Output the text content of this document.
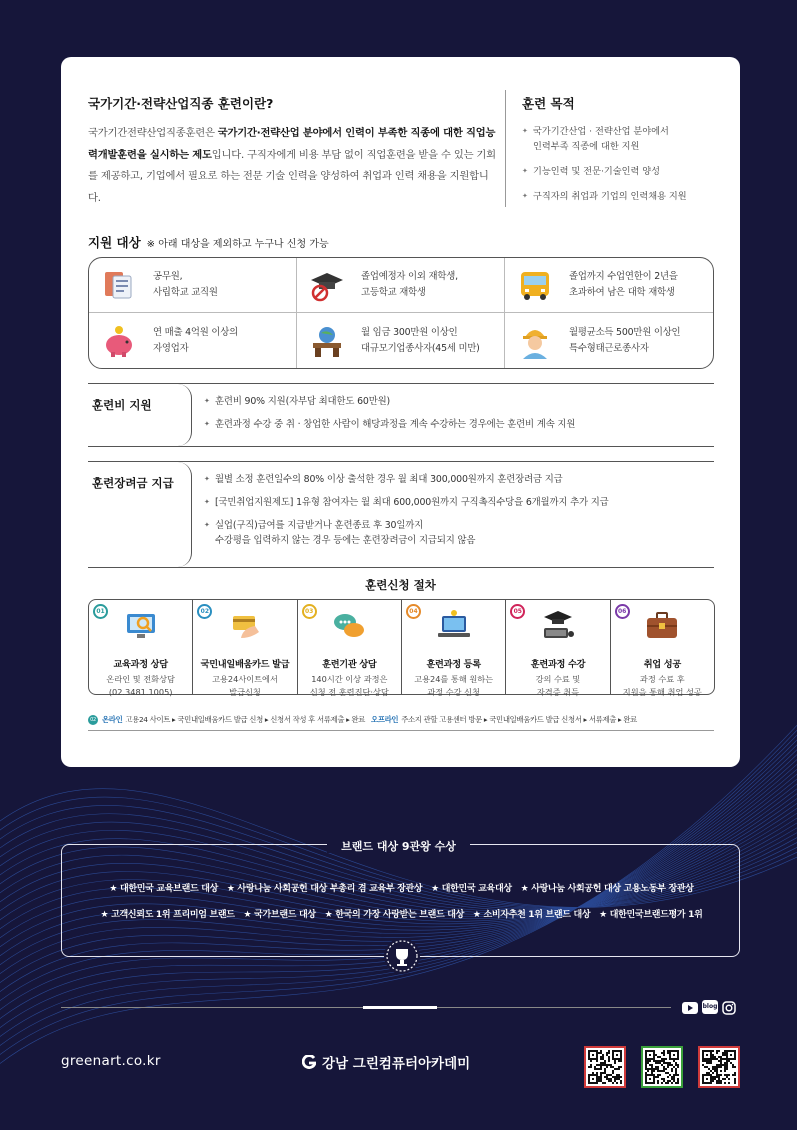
국가기간·전략산업직종 훈련이란?

국가기간전략산업직종훈련은 국가기간·전략산업 분야에서 인력이 부족한 직종에 대한 직업능력개발훈련을 실시하는 제도입니다. 구직자에게 비용 부담 없이 직업훈련을 받을 수 있는 기회를 제공하고, 기업에서 필요로 하는 전문 기술 인력을 양성하여 취업과 인력 채용을 지원합니다.

훈련 목적
✦ 국가기간산업 · 전략산업 분야에서
인력부족 직종에 대한 지원
✦ 기능인력 및 전문·기술인력 양성
✦ 구직자의 취업과 기업의 인력채용 지원
지원 대상 ※ 아래 대상을 제외하고 누구나 신청 가능
공무원,
사립학교 교직원
졸업예정자 이외 재학생,
고등학교 재학생
졸업까지 수업연한이 2년을
초과하여 남은 대학 재학생
연 매출 4억원 이상의
자영업자
월 임금 300만원 이상인
대규모기업종사자(45세 미만)
월평균소득 500만원 이상인
특수형태근로종사자
훈련비 지원	✦ 훈련비 90% 지원(자부담 최대한도 60만원)
✦ 훈련과정 수강 중 취 · 창업한 사람이 해당과정을 계속 수강하는 경우에는 훈련비 계속 지원
훈련장려금 지급	✦ 월별 소정 훈련일수의 80% 이상 출석한 경우 월 최대 300,000원까지 훈련장려금 지급
✦ [국민취업지원제도] 1유형 참여자는 월 최대 600,000원까지 구직촉직수당을 6개월까지 추가 지급
✦ 실업(구직)급여를 지급받거나 훈련종료 후 30일까지
수강평을 입력하지 않는 경우 등에는 훈련장려금이 지급되지 않음
훈련신청 절차
01
교육과정 상담
온라인 및 전화상담
(02.3481.1005)
02
국민내일배움카드 발급
고용24사이트에서
발급신청
03
훈련기관 상담
140시간 이상 과정은
신청 전 훈련진단·상담
04
훈련과정 등록
고용24를 통해 원하는
과정 수강 신청
05
훈련과정 수강
강의 수료 및
자격증 취득
06
취업 성공
과정 수료 후
지원을 통해 취업 성공
02 온라인 고용24 사이트 ▸ 국민내일배움카드 발급 신청 ▸ 신청서 작성 후 서류제출 ▸ 완료 오프라인 주소지 관할 고용센터 방문 ▸ 국민내일배움카드 발급 신청서 ▸ 서류제출 ▸ 완료
★ 대한민국 교육브랜드 대상 ★ 사랑나눔 사회공헌 대상 부총리 겸 교육부 장관상 ★ 대한민국 교육대상 ★ 사랑나눔 사회공헌 대상 고용노동부 장관상
★ 고객신뢰도 1위 프리미엄 브랜드 ★ 국가브랜드 대상 ★ 한국의 가장 사랑받는 브랜드 대상 ★ 소비자추천 1위 브랜드 대상 ★ 대한민국브랜드평가 1위
브랜드 대상 9관왕 수상
blog
greenart.co.kr	강남 그린컴퓨터아카데미
